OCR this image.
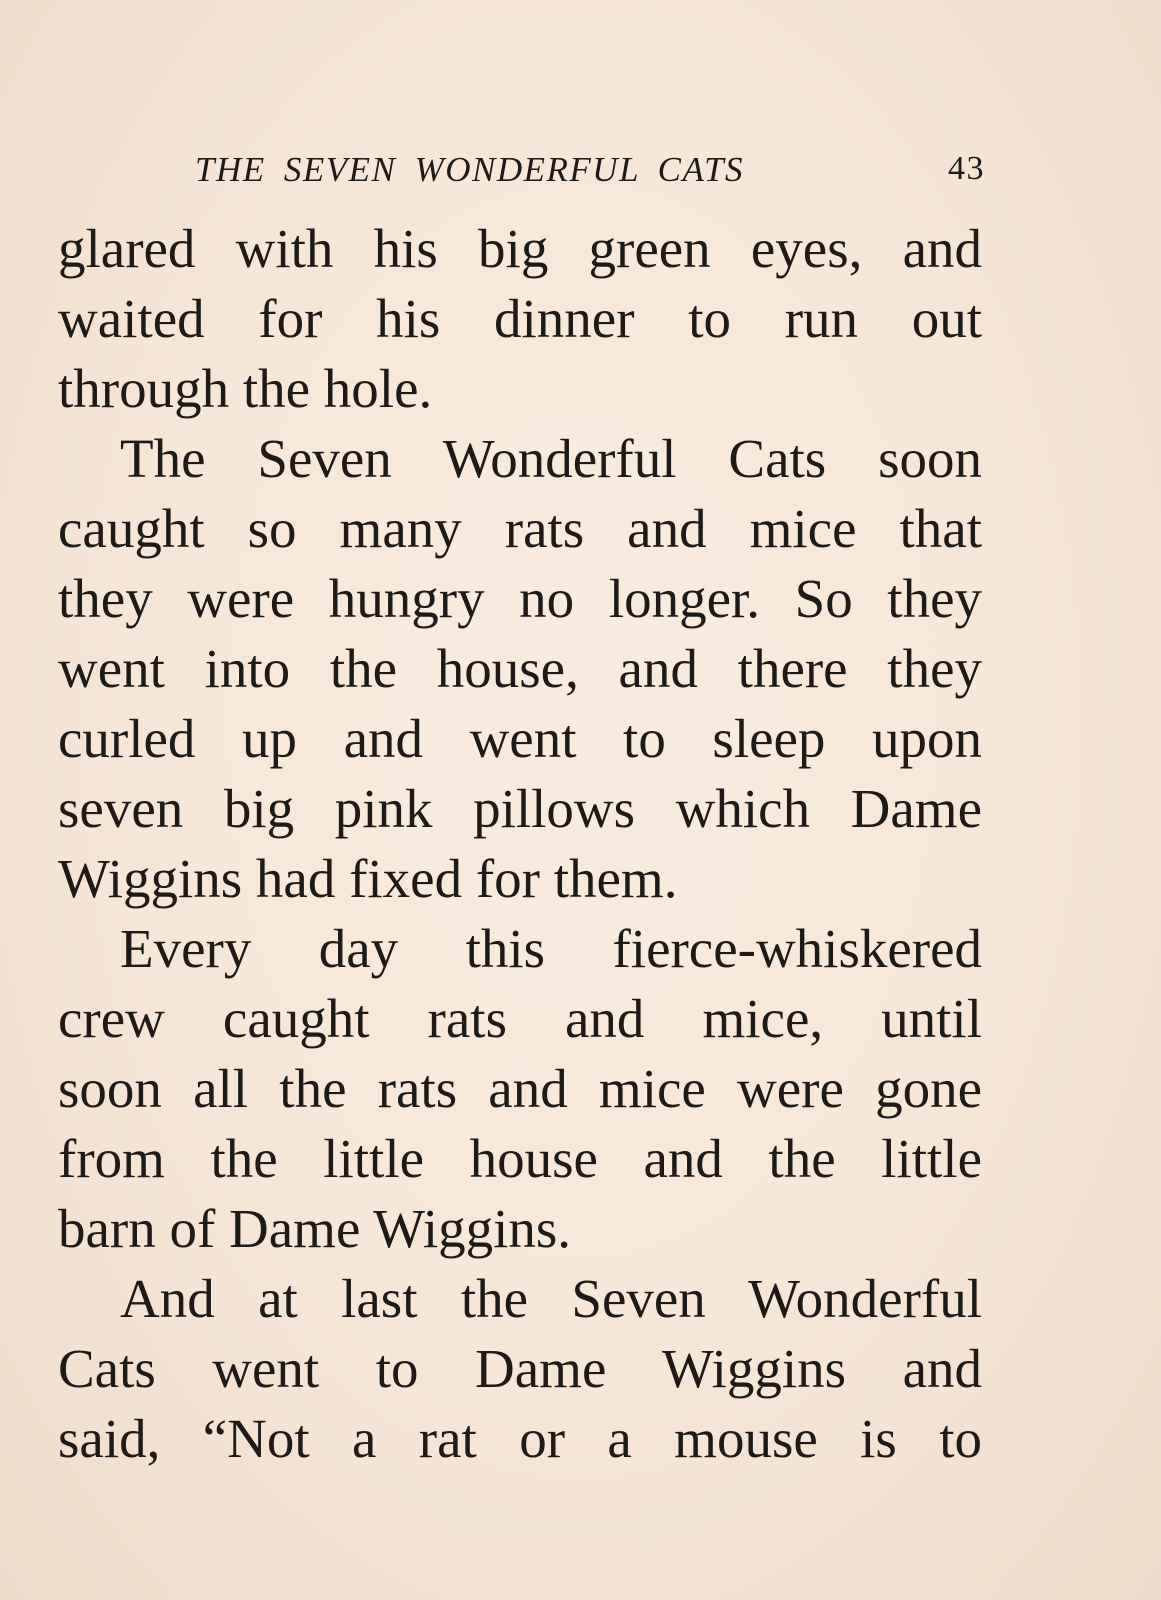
THE SEVEN WONDERFUL CATS	43
glared with his big green eyes, and
waited for his dinner to run out
through the hole.
The Seven Wonderful Cats soon
caught so many rats and mice that
they were hungry no longer. So they
went into the house, and there they
curled up and went to sleep upon
seven big pink pillows which Dame
Wiggins had fixed for them.
Every day this fierce-whiskered
crew caught rats and mice, until
soon all the rats and mice were gone
from the little house and the little
barn of Dame Wiggins.
And at last the Seven Wonderful
Cats went to Dame Wiggins and
said, “Not a rat or a mouse is to
